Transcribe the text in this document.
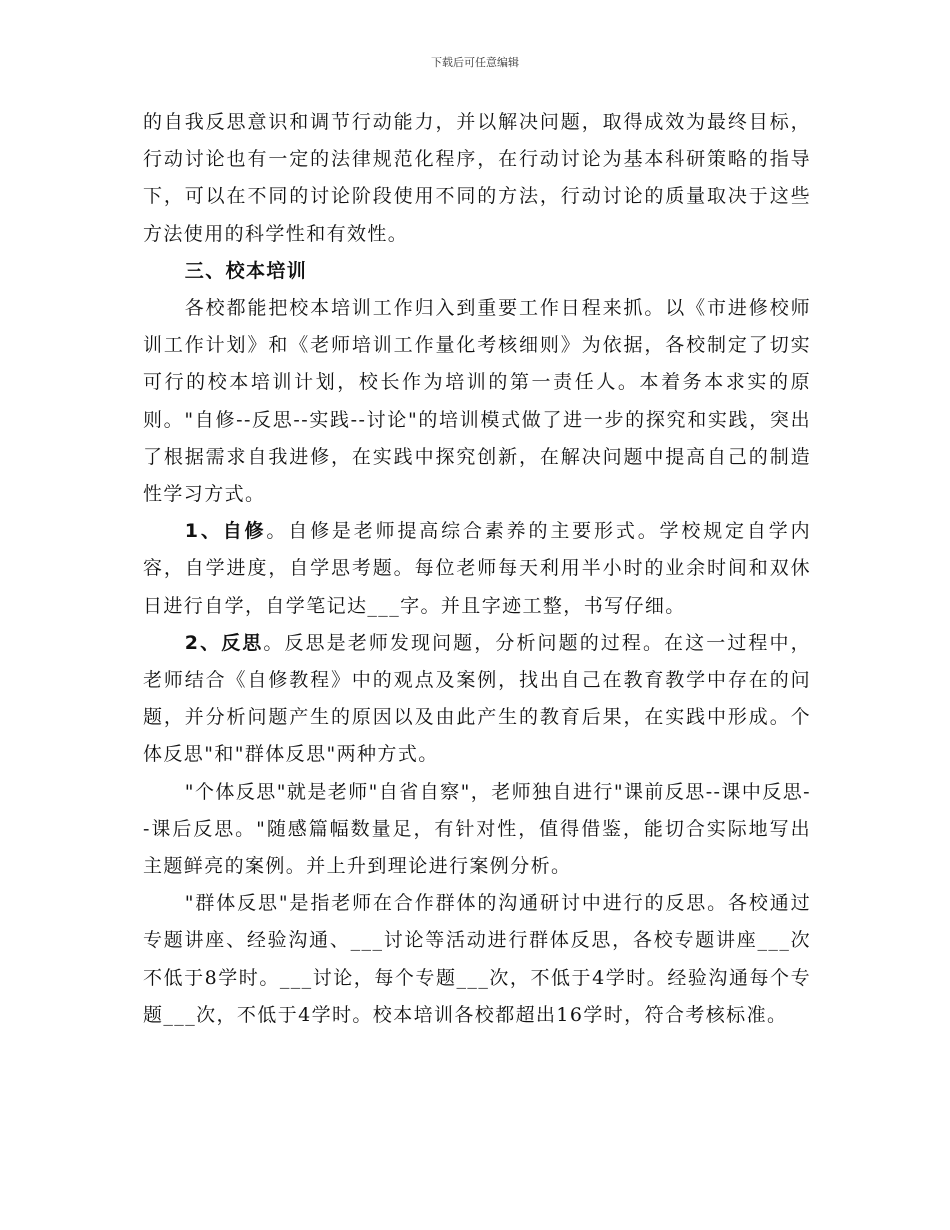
下载后可任意编辑

的自我反思意识和调节行动能力，并以解决问题，取得成效为最终目标，行动讨论也有一定的法律规范化程序，在行动讨论为基本科研策略的指导下，可以在不同的讨论阶段使用不同的方法，行动讨论的质量取决于这些方法使用的科学性和有效性。

三、校本培训

各校都能把校本培训工作归入到重要工作日程来抓。以《市进修校师训工作计划》和《老师培训工作量化考核细则》为依据，各校制定了切实可行的校本培训计划，校长作为培训的第一责任人。本着务本求实的原则。"自修--反思--实践--讨论"的培训模式做了进一步的探究和实践，突出了根据需求自我进修，在实践中探究创新，在解决问题中提高自己的制造性学习方式。

1、自修。自修是老师提高综合素养的主要形式。学校规定自学内容，自学进度，自学思考题。每位老师每天利用半小时的业余时间和双休日进行自学，自学笔记达___字。并且字迹工整，书写仔细。

2、反思。反思是老师发现问题，分析问题的过程。在这一过程中，老师结合《自修教程》中的观点及案例，找出自己在教育教学中存在的问题，并分析问题产生的原因以及由此产生的教育后果，在实践中形成。个体反思"和"群体反思"两种方式。

"个体反思"就是老师"自省自察"，老师独自进行"课前反思--课中反思--课后反思。"随感篇幅数量足，有针对性，值得借鉴，能切合实际地写出主题鲜亮的案例。并上升到理论进行案例分析。

"群体反思"是指老师在合作群体的沟通研讨中进行的反思。各校通过专题讲座、经验沟通、___讨论等活动进行群体反思，各校专题讲座___次不低于8学时。___讨论，每个专题___次，不低于4学时。经验沟通每个专题___次，不低于4学时。校本培训各校都超出16学时，符合考核标准。
